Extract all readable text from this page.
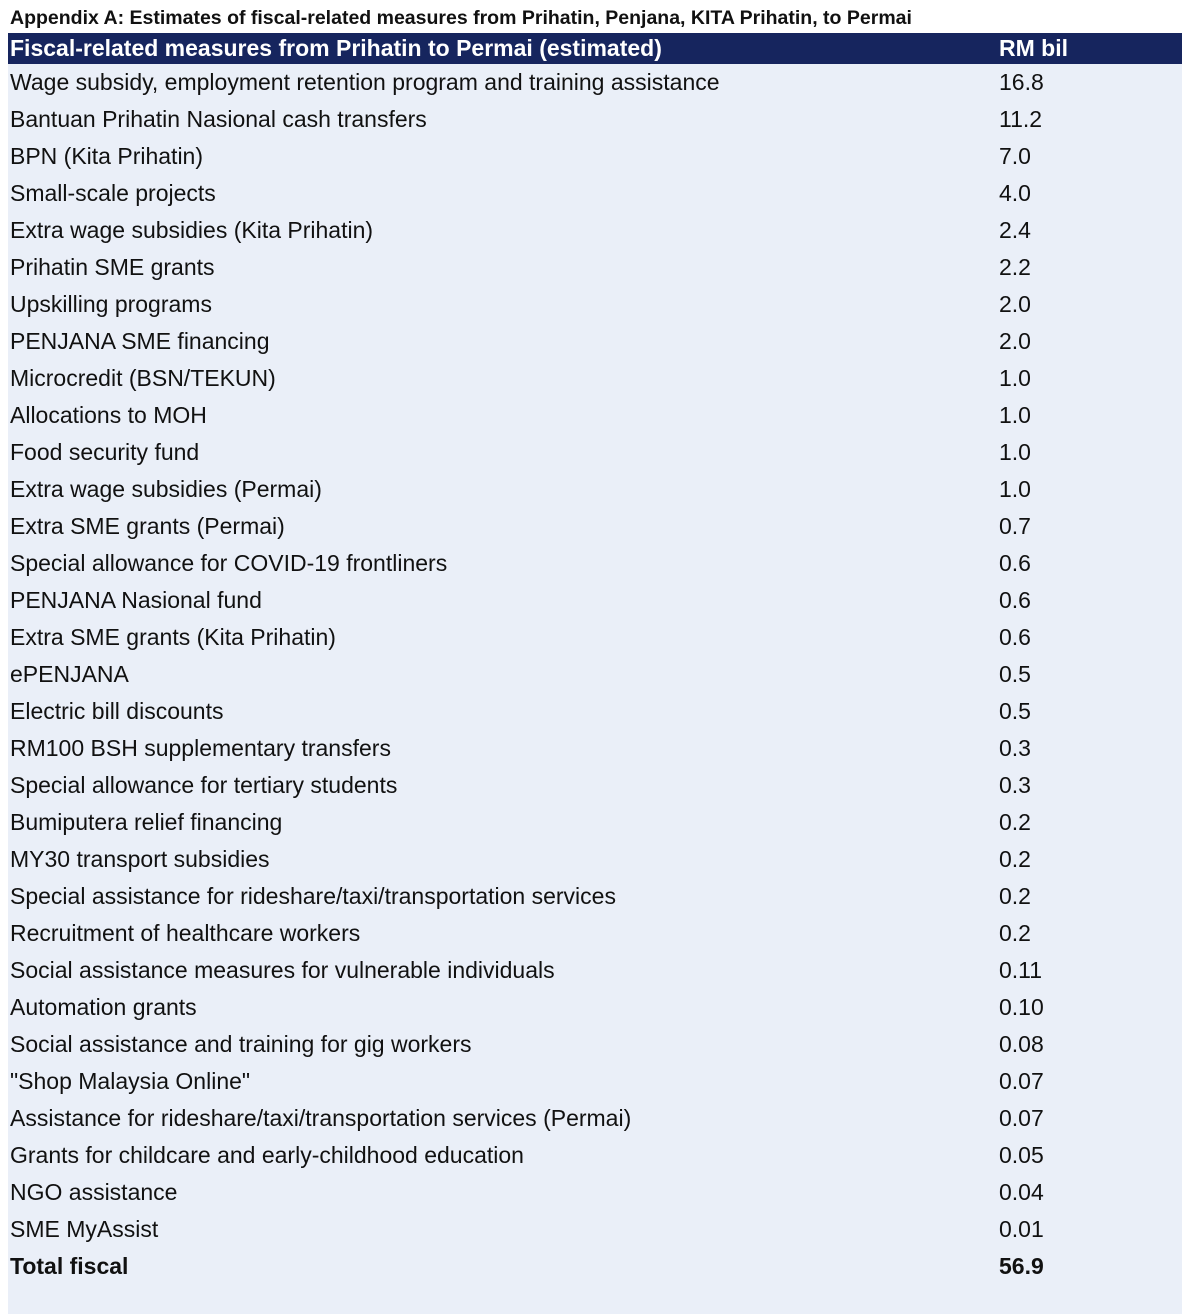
Appendix A: Estimates of fiscal-related measures from Prihatin, Penjana, KITA Prihatin, to Permai
Fiscal-related measures from Prihatin to Permai (estimated)	RM bil
Wage subsidy, employment retention program and training assistance	16.8
Bantuan Prihatin Nasional cash transfers	11.2
BPN (Kita Prihatin)	7.0
Small-scale projects	4.0
Extra wage subsidies (Kita Prihatin)	2.4
Prihatin SME grants	2.2
Upskilling programs	2.0
PENJANA SME financing	2.0
Microcredit (BSN/TEKUN)	1.0
Allocations to MOH	1.0
Food security fund	1.0
Extra wage subsidies (Permai)	1.0
Extra SME grants (Permai)	0.7
Special allowance for COVID-19 frontliners	0.6
PENJANA Nasional fund	0.6
Extra SME grants (Kita Prihatin)	0.6
ePENJANA	0.5
Electric bill discounts	0.5
RM100 BSH supplementary transfers	0.3
Special allowance for tertiary students	0.3
Bumiputera relief financing	0.2
MY30 transport subsidies	0.2
Special assistance for rideshare/taxi/transportation services	0.2
Recruitment of healthcare workers	0.2
Social assistance measures for vulnerable individuals	0.11
Automation grants	0.10
Social assistance and training for gig workers	0.08
"Shop Malaysia Online"	0.07
Assistance for rideshare/taxi/transportation services (Permai)	0.07
Grants for childcare and early-childhood education	0.05
NGO assistance	0.04
SME MyAssist	0.01
Total fiscal	56.9
